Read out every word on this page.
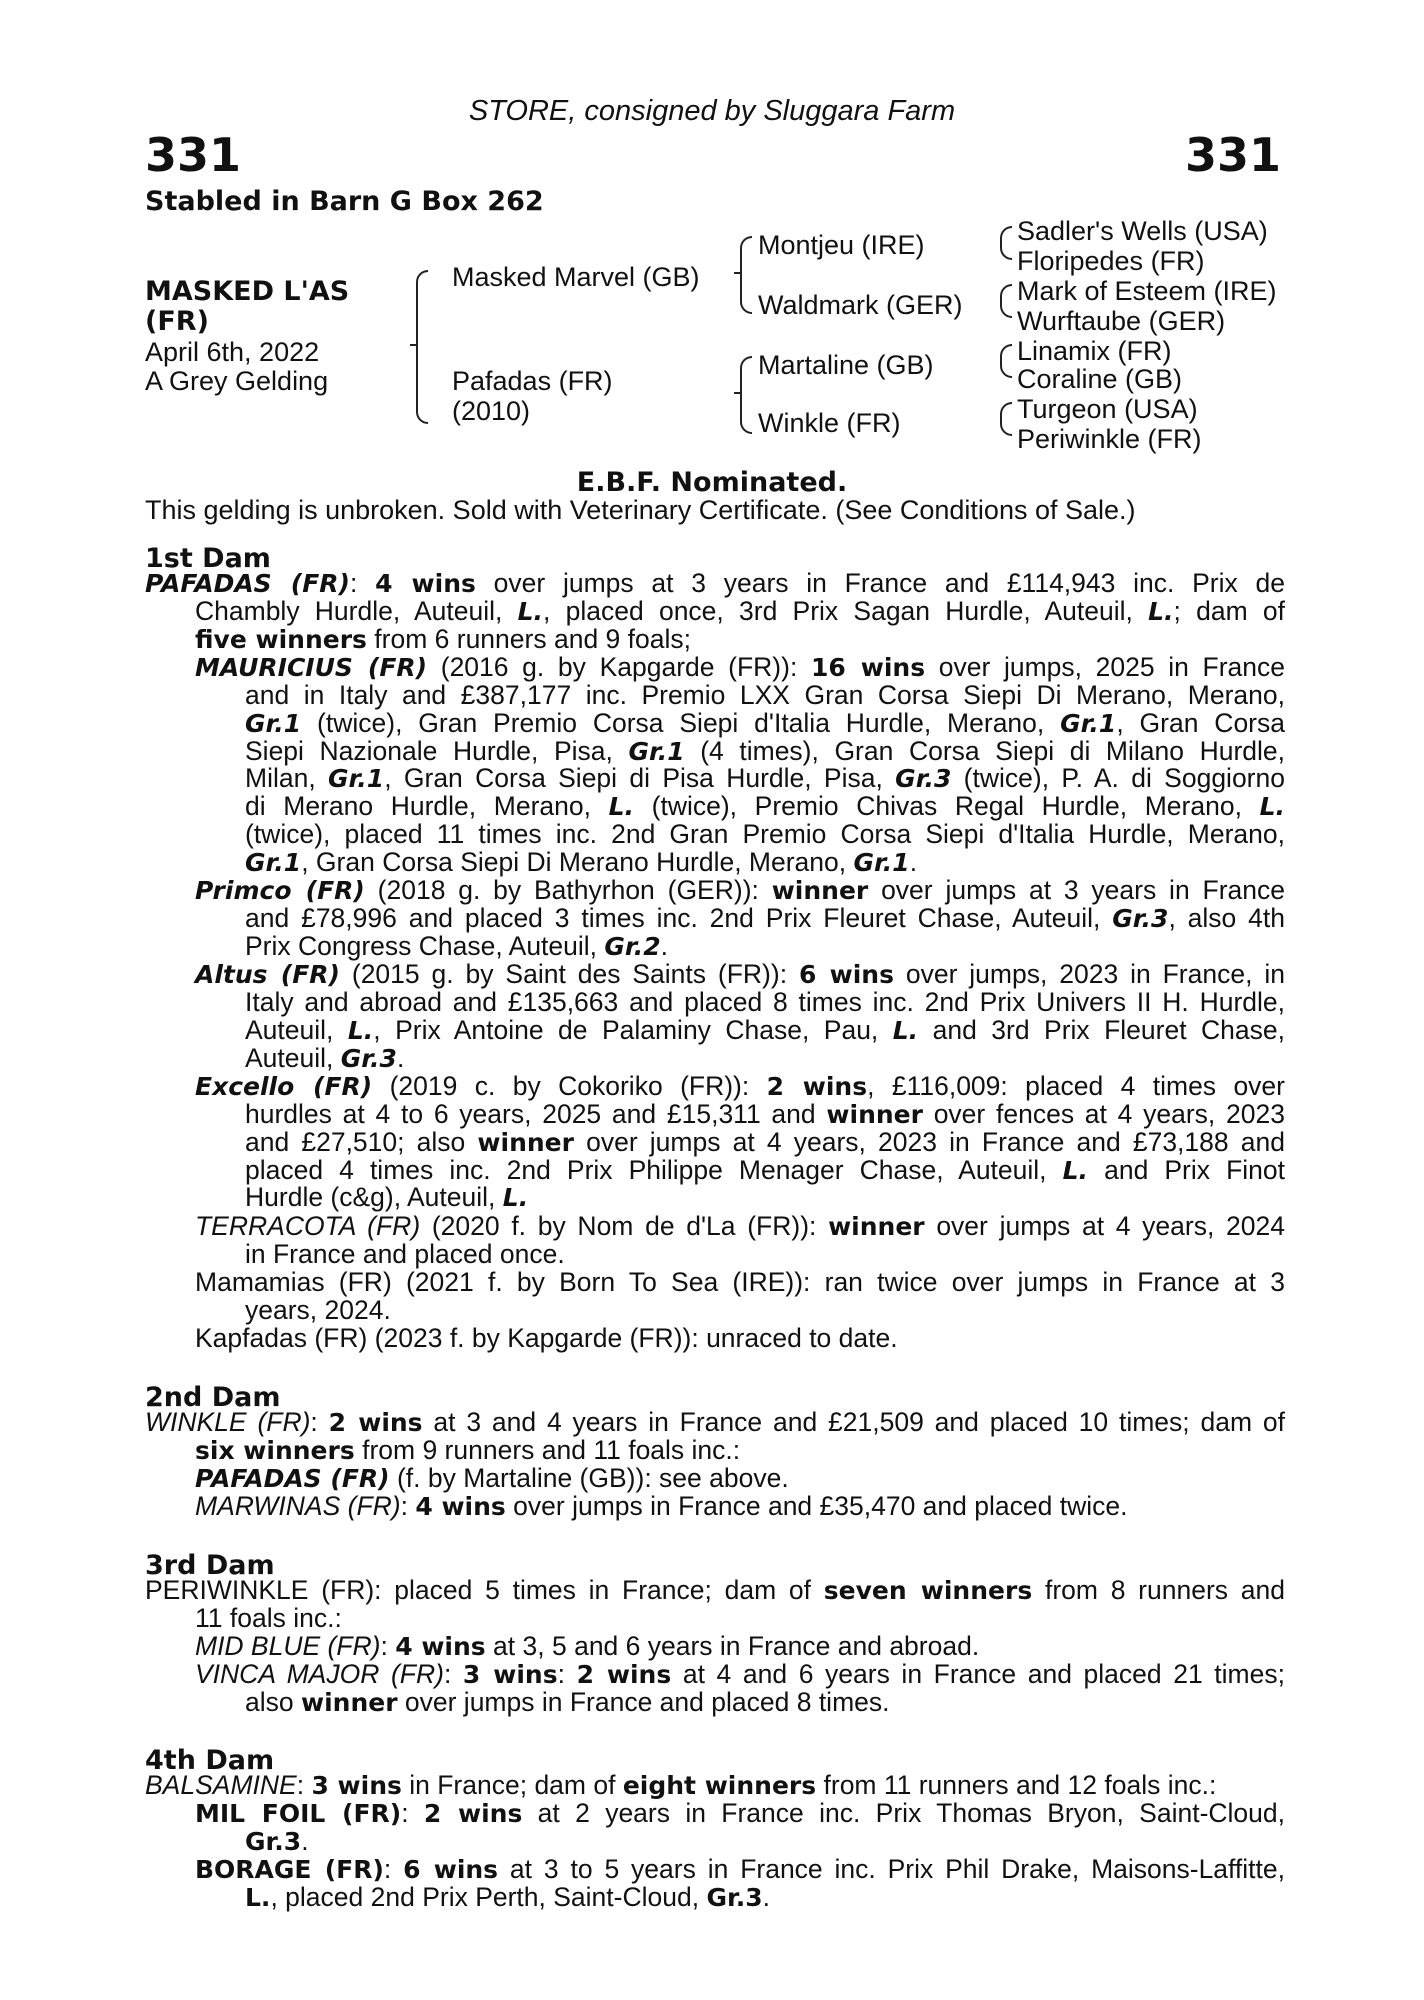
STORE, consigned by Sluggara Farm
331	331
Stabled in Barn G Box 262
MASKED L'AS
(FR)
April 6th, 2022
A Grey Gelding
Masked Marvel (GB)
Pafadas (FR)
(2010)
Montjeu (IRE)
Waldmark (GER)
Martaline (GB)
Winkle (FR)
Sadler's Wells (USA)
Floripedes (FR)
Mark of Esteem (IRE)
Wurftaube (GER)
Linamix (FR)
Coraline (GB)
Turgeon (USA)
Periwinkle (FR)
E.B.F. Nominated.
This gelding is unbroken. Sold with Veterinary Certificate. (See Conditions of Sale.)
1st Dam
PAFADAS (FR): 4 wins over jumps at 3 years in France and £114,943 inc. Prix de
Chambly Hurdle, Auteuil, L., placed once, 3rd Prix Sagan Hurdle, Auteuil, L.; dam of
five winners from 6 runners and 9 foals;
MAURICIUS (FR) (2016 g. by Kapgarde (FR)): 16 wins over jumps, 2025 in France
and in Italy and £387,177 inc. Premio LXX Gran Corsa Siepi Di Merano, Merano,
Gr.1 (twice), Gran Premio Corsa Siepi d'Italia Hurdle, Merano, Gr.1, Gran Corsa
Siepi Nazionale Hurdle, Pisa, Gr.1 (4 times), Gran Corsa Siepi di Milano Hurdle,
Milan, Gr.1, Gran Corsa Siepi di Pisa Hurdle, Pisa, Gr.3 (twice), P. A. di Soggiorno
di Merano Hurdle, Merano, L. (twice), Premio Chivas Regal Hurdle, Merano, L.
(twice), placed 11 times inc. 2nd Gran Premio Corsa Siepi d'Italia Hurdle, Merano,
Gr.1, Gran Corsa Siepi Di Merano Hurdle, Merano, Gr.1.
Primco (FR) (2018 g. by Bathyrhon (GER)): winner over jumps at 3 years in France
and £78,996 and placed 3 times inc. 2nd Prix Fleuret Chase, Auteuil, Gr.3, also 4th
Prix Congress Chase, Auteuil, Gr.2.
Altus (FR) (2015 g. by Saint des Saints (FR)): 6 wins over jumps, 2023 in France, in
Italy and abroad and £135,663 and placed 8 times inc. 2nd Prix Univers II H. Hurdle,
Auteuil, L., Prix Antoine de Palaminy Chase, Pau, L. and 3rd Prix Fleuret Chase,
Auteuil, Gr.3.
Excello (FR) (2019 c. by Cokoriko (FR)): 2 wins, £116,009: placed 4 times over
hurdles at 4 to 6 years, 2025 and £15,311 and winner over fences at 4 years, 2023
and £27,510; also winner over jumps at 4 years, 2023 in France and £73,188 and
placed 4 times inc. 2nd Prix Philippe Menager Chase, Auteuil, L. and Prix Finot
Hurdle (c&g), Auteuil, L.
TERRACOTA (FR) (2020 f. by Nom de d'La (FR)): winner over jumps at 4 years, 2024
in France and placed once.
Mamamias (FR) (2021 f. by Born To Sea (IRE)): ran twice over jumps in France at 3
years, 2024.
Kapfadas (FR) (2023 f. by Kapgarde (FR)): unraced to date.
2nd Dam
WINKLE (FR): 2 wins at 3 and 4 years in France and £21,509 and placed 10 times; dam of
six winners from 9 runners and 11 foals inc.:
PAFADAS (FR) (f. by Martaline (GB)): see above.
MARWINAS (FR): 4 wins over jumps in France and £35,470 and placed twice.
3rd Dam
PERIWINKLE (FR): placed 5 times in France; dam of seven winners from 8 runners and
11 foals inc.:
MID BLUE (FR): 4 wins at 3, 5 and 6 years in France and abroad.
VINCA MAJOR (FR): 3 wins: 2 wins at 4 and 6 years in France and placed 21 times;
also winner over jumps in France and placed 8 times.
4th Dam
BALSAMINE: 3 wins in France; dam of eight winners from 11 runners and 12 foals inc.:
MIL FOIL (FR): 2 wins at 2 years in France inc. Prix Thomas Bryon, Saint-Cloud,
Gr.3.
BORAGE (FR): 6 wins at 3 to 5 years in France inc. Prix Phil Drake, Maisons-Laffitte,
L., placed 2nd Prix Perth, Saint-Cloud, Gr.3.
